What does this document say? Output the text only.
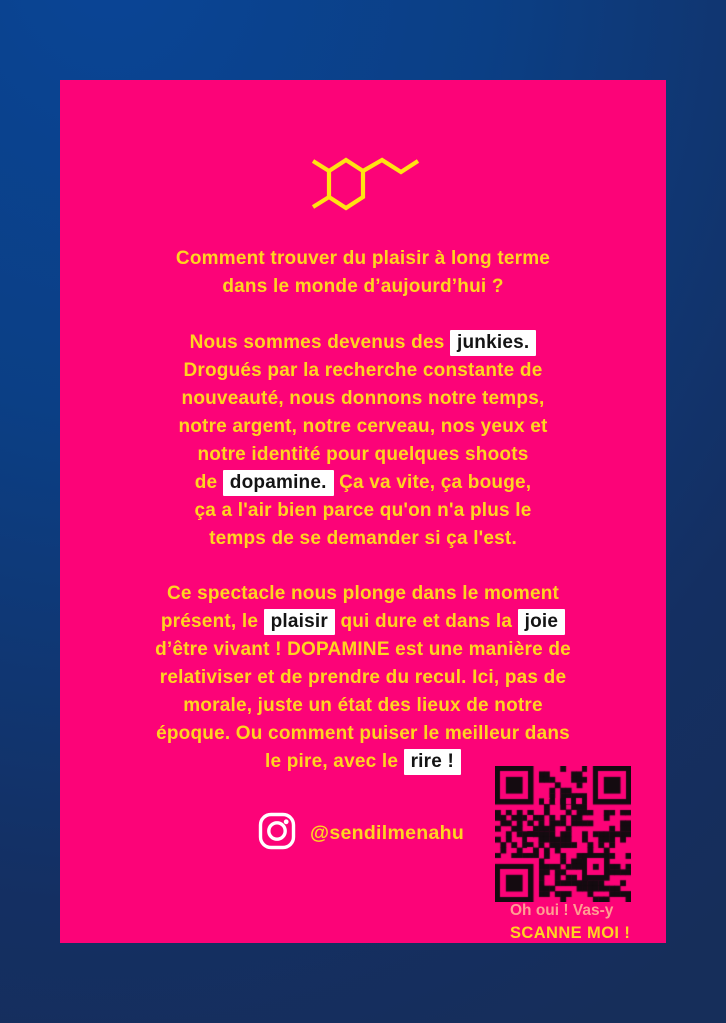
Comment trouver du plaisir à long terme
dans le monde d’aujourd’hui ?
Nous sommes devenus des junkies.
Drogués par la recherche constante de
nouveauté, nous donnons notre temps,
notre argent, notre cerveau, nos yeux et
notre identité pour quelques shoots
de dopamine. Ça va vite, ça bouge,
ça a l'air bien parce qu'on n'a plus le
temps de se demander si ça l'est.
Ce spectacle nous plonge dans le moment
présent, le plaisir qui dure et dans la joie
d’être vivant ! DOPAMINE est une manière de
relativiser et de prendre du recul. Ici, pas de
morale, juste un état des lieux de notre
époque. Ou comment puiser le meilleur dans
le pire, avec le rire !
@sendilmenahu
Oh oui ! Vas-y
SCANNE MOI !
